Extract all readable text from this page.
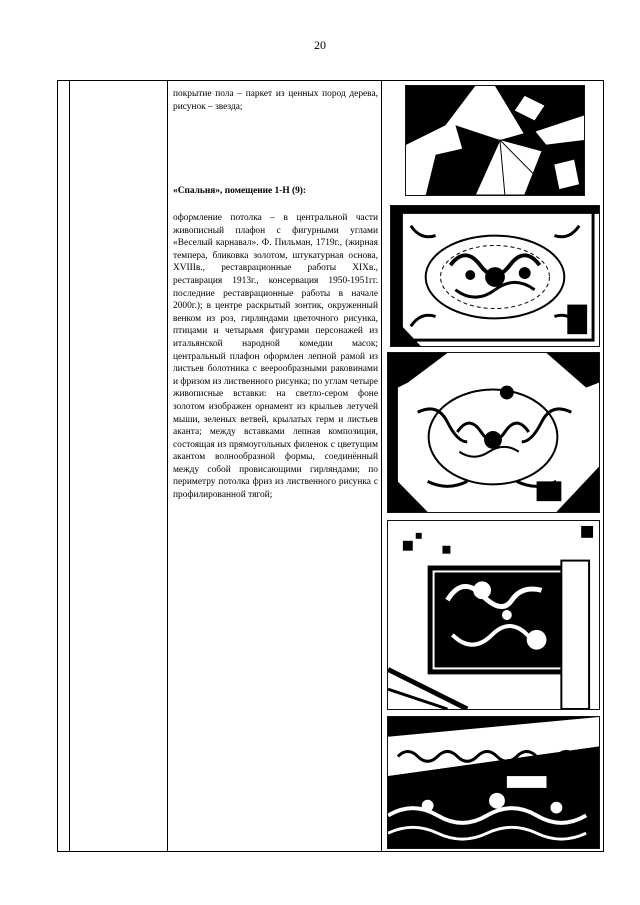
20
покрытие пола – паркет из ценных пород дерева, рисунок – звезда;
«Спальня», помещение 1-Н (9):
оформление потолка – в центральной части живописный плафон с фигурными углами «Веселый карнавал». Ф. Пильман, 1719г., (жирная темпера, бликовка золотом, штукатурная основа, XVIIIв., реставрационные работы XIXв., реставрация 1913г., консервация 1950-1951гг. последние реставрационные работы в начале 2000г.); в центре раскрытый зонтик, окруженный венком из роз, гирляндами цветочного рисунка, птицами и четырьмя фигурами персонажей из итальянской народной комедии масок; центральный плафон оформлен лепной рамой из листьев болотника с веерообразными раковинами и фризом из лиственного рисунка; по углам четыре живописные вставки: на светло-сером фоне золотом изображен орнамент из крыльев летучей мыши, зеленых ветвей, крылатых герм и листьев аканта; между вставками лепная композиция, состоящая из прямоугольных филенок с цветущим акантом волнообразной формы, соединённый между собой провисающими гирляндами; по периметру потолка фриз из лиственного рисунка с профилированной тягой;
